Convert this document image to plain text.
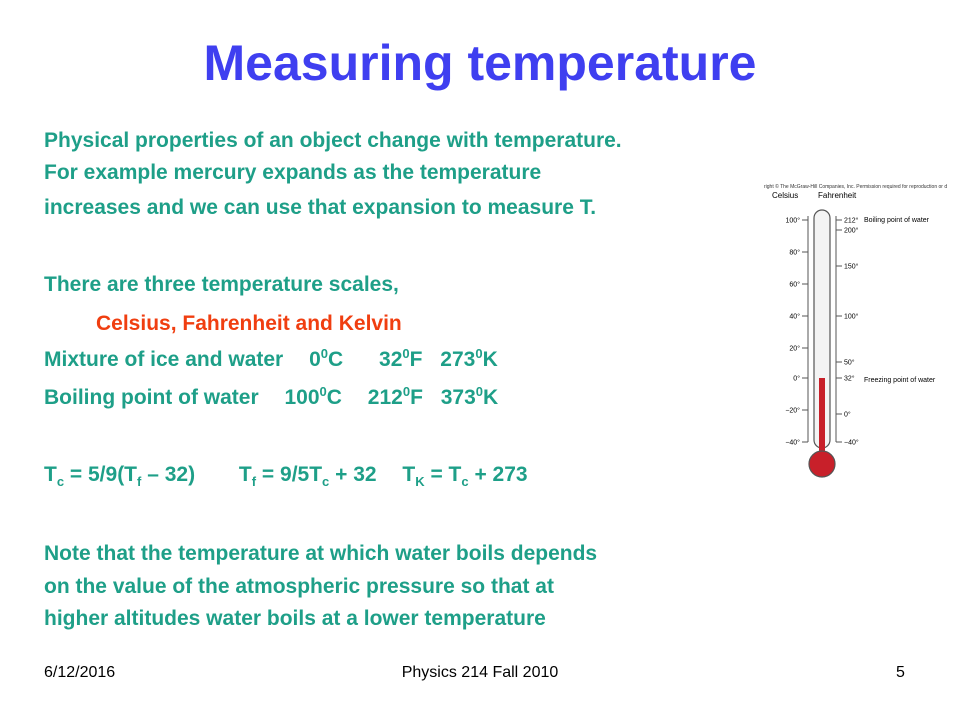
Measuring temperature
Physical properties of an object change with temperature.
For example mercury expands as the temperature
increases and we can use that expansion to measure T.
There are three temperature scales,
Celsius, Fahrenheit and Kelvin
Mixture of ice and water $0^0C$ $32^0F$ $273^0K$
Boiling point of water $100^0C$ $212^0F$ $373^0K$
$T_c = 5/9(T_f - 32) T_f = 9/5T_c + 32$ $T_K = T_c + 273$
Note that the temperature at which water boils depends
on the value of the atmospheric pressure so that at
higher altitudes water boils at a lower temperature
right © The McGraw-Hill Companies, Inc. Permission required for reproduction or d
Celsius Fahrenheit
100°
80°
60°
40°
20°
0°
−20°
−40°
212°
200°
150°
100°
50°
32°
0°
−40°
Boiling point of water
Freezing point of water
6/12/2016	Physics 214 Fall 2010	5
